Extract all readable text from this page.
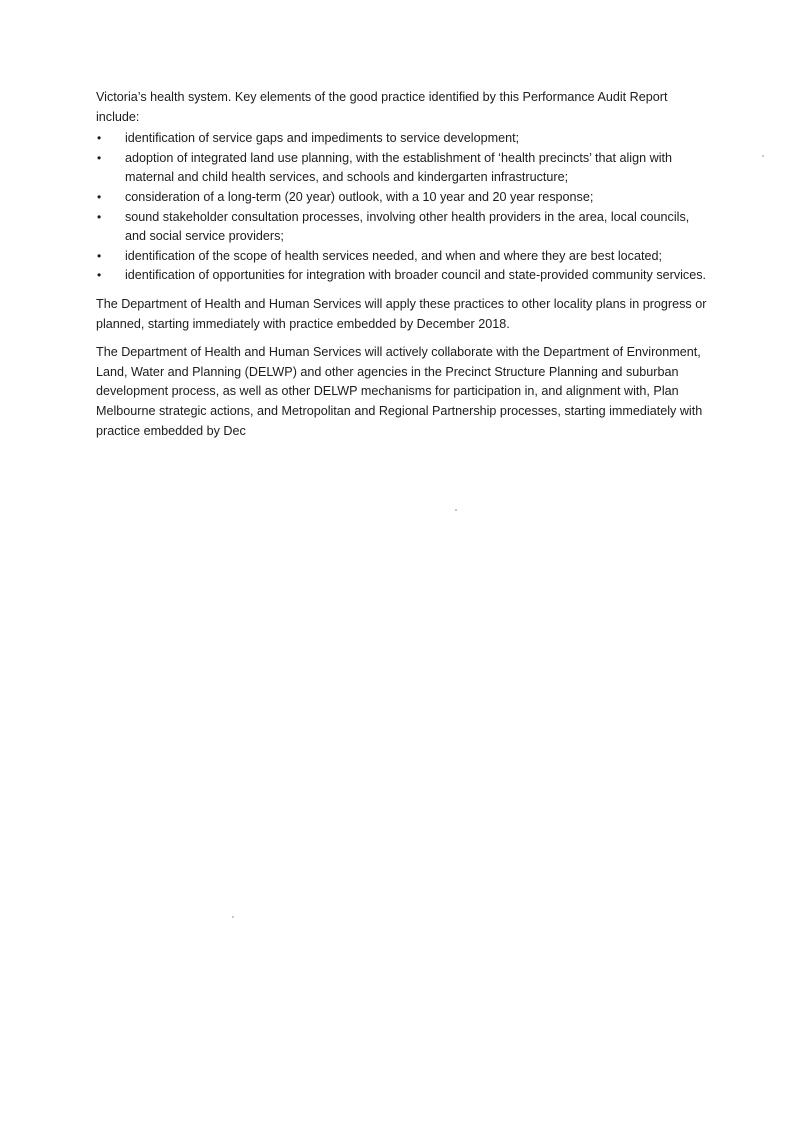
Victoria’s health system. Key elements of the good practice identified by this Performance Audit Report include:

• identification of service gaps and impediments to service development;
• adoption of integrated land use planning, with the establishment of ‘health precincts’ that align with maternal and child health services, and schools and kindergarten infrastructure;
• consideration of a long-term (20 year) outlook, with a 10 year and 20 year response;
• sound stakeholder consultation processes, involving other health providers in the area, local councils, and social service providers;
• identification of the scope of health services needed, and when and where they are best located;
• identification of opportunities for integration with broader council and state-provided community services.

The Department of Health and Human Services will apply these practices to other locality plans in progress or planned, starting immediately with practice embedded by December 2018.

The Department of Health and Human Services will actively collaborate with the Department of Environment, Land, Water and Planning (DELWP) and other agencies in the Precinct Structure Planning and suburban development process, as well as other DELWP mechanisms for participation in, and alignment with, Plan Melbourne strategic actions, and Metropolitan and Regional Partnership processes, starting immediately with practice embedded by Dec
